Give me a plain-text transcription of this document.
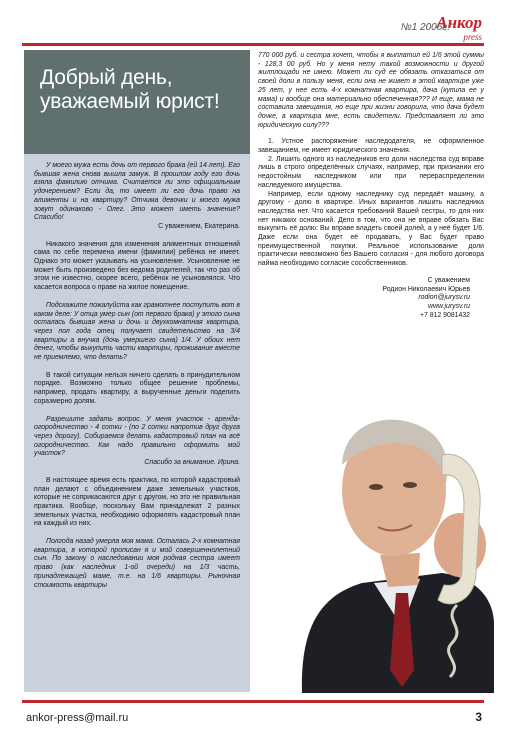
№1 2005г.
Анкор
press
Добрый день,
уважаемый юрист!

У моего мужа есть дочь от первого брака (ей 14 лет). Его бывшая жена снова вышла замуж. В прошлом году его дочь взяла фамилию отчима. Считается ли это официальным удочерением? Если да, то имеет ли его дочь право на алименты и на квартиру? Отчима девочки и моего мужа зовут одинаково - Олег. Это может иметь значение? Спасибо!

С уважением, Екатерина.

Никакого значения для изменения алиментных отношений сама по себе перемена имени (фамилии) ребёнка не имеет. Однако это может указывать на усыновление. Усыновление не может быть произведено без ведома родителей, так что раз об этом не известно, скорее всего, ребёнок не усыновлялся. Что касается вопроса о праве на жилое помещение.

Подскажите пожалуйста как грамотнее поступить вот в каком деле: У отца умер сын (от первого брака) у этого сына осталась бывшая жена и дочь и двухкомнатная квартира, через пол года отец получает свидетельство на 3/4 квартиры а внучка (дочь умершего сына) 1/4. У обоих нет денег, чтобы выкупить части квартиры, проживание вместе не приемлемо, что делать?

В такой ситуации нельзя ничего сделать в принудительном порядке. Возможно только общее решение проблемы, например, продать квартиру, а вырученные деньги поделить соразмерно долям.

Разрешите задать вопрос. У меня участок - аренда- огородничество - 4 сотки - (по 2 сотки напротив друг друга через дорогу). Собираемся делать кадастровый план на всё огородничество. Как надо правильно оформить мой участок?

Спасибо за внимание. Ирина.

В настоящее время есть практика, по которой кадастровый план делают с объединением даже земельных участков, которые не соприкасаются друг с другом, но это не правильная практика. Вообще, поскольку Вам принадлежат 2 разных земельных участка, необходимо оформлять кадастровый план на каждый из них.

Полгода назад умерла моя мама. Осталась 2-х комнатная квартира, в которой прописан я и мой совершеннолетний сын. По закону о наследовании моя родная сестра имеет право (как наследник 1-ой очереди) на 1/3 часть, принадлежащей маме, т.е. на 1/6 квартиры. Рыночная стоимость квартиры

770 000 руб. и сестра хочет, чтобы я выплатил ей 1/6 этой суммы - 128,3 00 руб. Но у меня нету такой возможности и другой жилплощади не имею. Может ли суд ее обязать отказаться от своей доли в пользу меня, если она не живет в этой квартире уже 25 лет, у нее есть 4-х комнатная квартира, дача (купила ее у мама) и вообще она материально обеспеченная??? И еще, мама не составила завещания, но еще при жизни говорила, что дача будет дочке, а квартира мне, есть свидетели. Представляет ли это юридическую силу???

1. Устное распоряжение наследодателя, не оформленное завещанием, не имеет юридического значения.

2. Лишить одного из наследников его доли наследства суд вправе лишь в строго определённых случаях, например, при признании его недостойным наследником или при перераспределении наследуемого имущества.

Например, если одному наследнику суд передаёт машину, а другому - долю в квартире. Иных вариантов лишить наследника наследства нет. Что касается требований Вашей сестры, то для них нет никаких оснований. Дело в том, что она не вправе обязать Вас выкупить её долю: Вы вправе владеть своей долей, а у неё будет 1/6. Даже если она будет её продавать, у Вас будет право преимущественной покупки. Реальное использование доли практически невозможно без Вашего согласия - для любого договора найма необходимо согласие сособственников.

С уважением

Родион Николаевич Юрьев

rodion@jurysv.ru

www.jurysv.ru

+7 812 9081432

ankor-press@mail.ru	3
